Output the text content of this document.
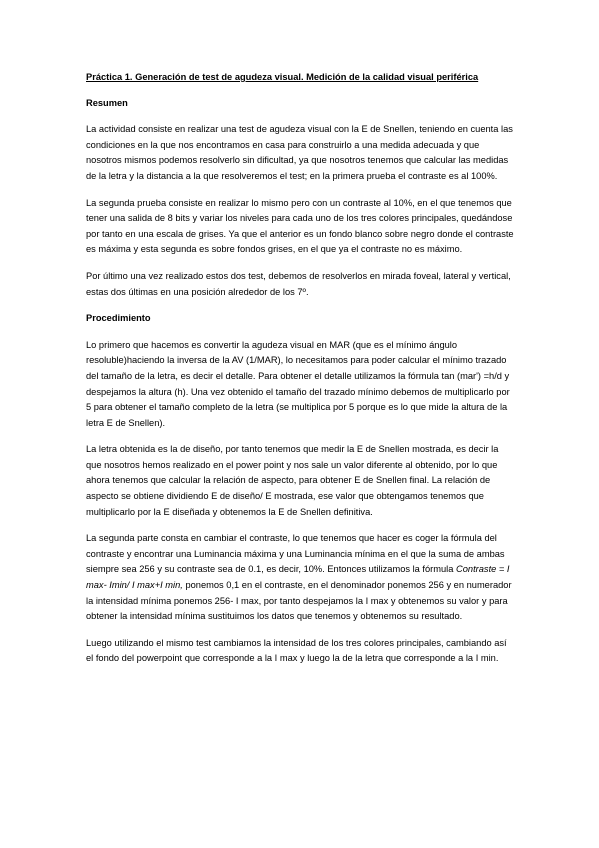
Práctica 1. Generación de test de agudeza visual. Medición de la calidad visual periférica
Resumen

La actividad consiste en realizar una test de agudeza visual con la E de Snellen, teniendo en cuenta las condiciones en la que nos encontramos en casa para construirlo a una medida adecuada y que nosotros mismos podemos resolverlo sin dificultad, ya que nosotros tenemos que calcular las medidas de la letra y la distancia a la que resolveremos el test; en la primera prueba el contraste es al 100%.

La segunda prueba consiste en realizar lo mismo pero con un contraste al 10%, en el que tenemos que tener una salida de 8 bits y variar los niveles para cada uno de los tres colores principales, quedándose por tanto en una escala de grises. Ya que el anterior es un fondo blanco sobre negro donde el contraste es máxima y esta segunda es sobre fondos grises, en el que ya el contraste no es máximo.

Por último una vez realizado estos dos test, debemos de resolverlos en mirada foveal, lateral y vertical, estas dos últimas en una posición alrededor de los 7º.

Procedimiento

Lo primero que hacemos es convertir la agudeza visual en MAR (que es el mínimo ángulo resoluble)haciendo la inversa de la AV (1/MAR), lo necesitamos para poder calcular el mínimo trazado del tamaño de la letra, es decir el detalle. Para obtener el detalle utilizamos la fórmula tan (mar') =h/d y despejamos la altura (h). Una vez obtenido el tamaño del trazado mínimo debemos de multiplicarlo por 5 para obtener el tamaño completo de la letra (se multiplica por 5 porque es lo que mide la altura de la letra E de Snellen).

La letra obtenida es la de diseño, por tanto tenemos que medir la E de Snellen mostrada, es decir la que nosotros hemos realizado en el power point y nos sale un valor diferente al obtenido, por lo que ahora tenemos que calcular la relación de aspecto, para obtener E de Snellen final. La relación de aspecto se obtiene dividiendo E de diseño/ E mostrada, ese valor que obtengamos tenemos que multiplicarlo por la E diseñada y obtenemos la E de Snellen definitiva.

La segunda parte consta en cambiar el contraste, lo que tenemos que hacer es coger la fórmula del contraste y encontrar una Luminancia máxima y una Luminancia mínima en el que la suma de ambas siempre sea 256 y su contraste sea de 0.1, es decir, 10%. Entonces utilizamos la fórmula Contraste = I max- Imin/ I max+I min, ponemos 0,1 en el contraste, en el denominador ponemos 256 y en numerador la intensidad mínima ponemos 256- I max, por tanto despejamos la I max y obtenemos su valor y para obtener la intensidad mínima sustituimos los datos que tenemos y obtenemos su resultado.

Luego utilizando el mismo test cambiamos la intensidad de los tres colores principales, cambiando así el fondo del powerpoint que corresponde a la I max y luego la de la letra que corresponde a la I min.
